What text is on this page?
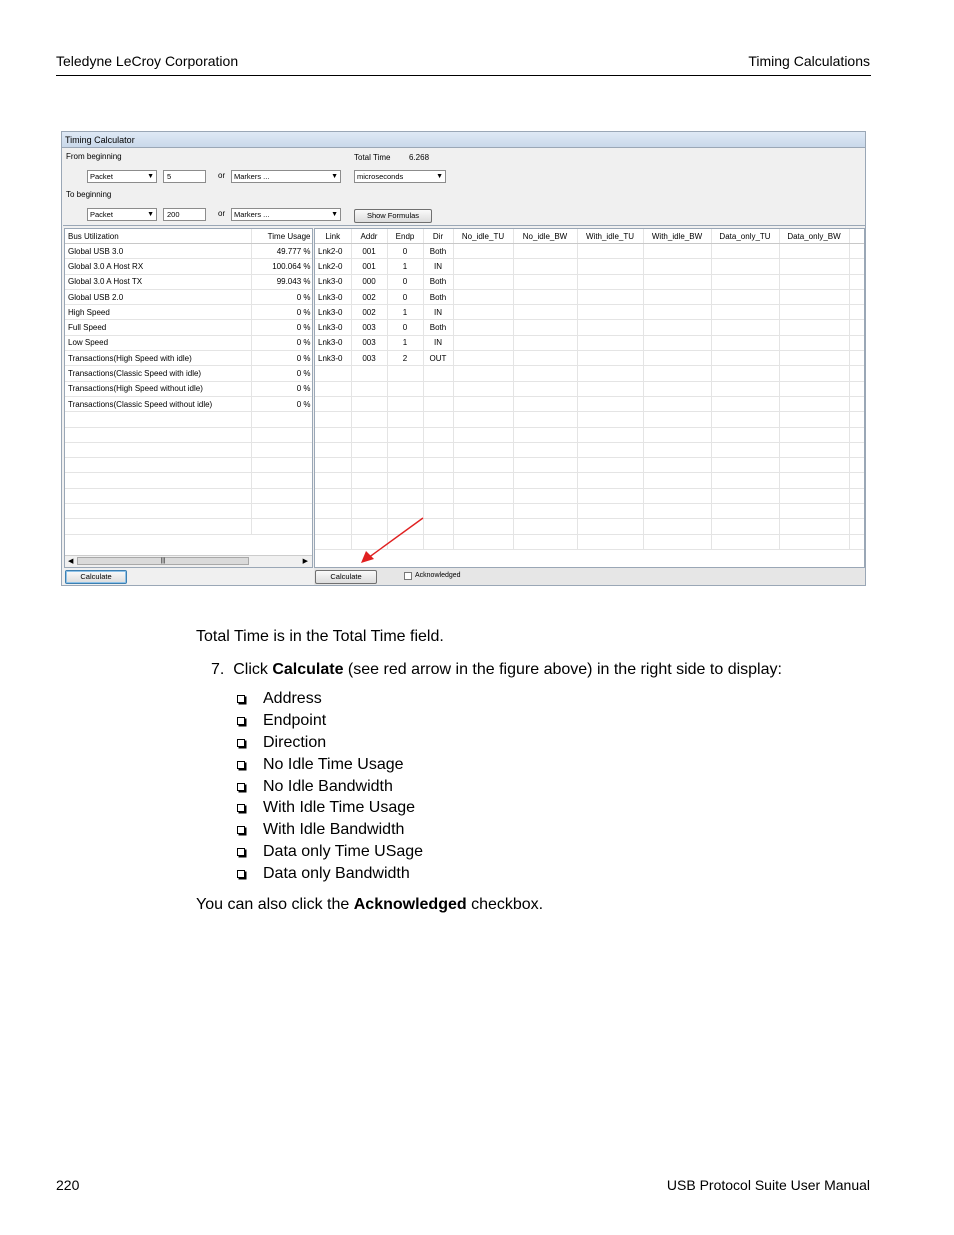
Teledyne LeCroy Corporation	Timing Calculations
Timing Calculator
From beginning
Packet	▼	5	or	Markers ...	▼
Total Time 6.268
microseconds	▼
To beginning
Packet	▼	200	or	Markers ...	▼	Show Formulas
Bus Utilization	Time Usage
Global USB 3.0	49.777 %
Global 3.0 A Host RX	100.064 %
Global 3.0 A Host TX	99.043 %
Global USB 2.0	0 %
High Speed	0 %
Full Speed	0 %
Low Speed	0 %
Transactions(High Speed with idle)	0 %
Transactions(Classic Speed with idle)	0 %
Transactions(High Speed without idle)	0 %
Transactions(Classic Speed without idle)	0 %

◀	|||	▶
Calculate
Link	Addr	Endp	Dir	No_idle_TU	No_idle_BW	With_idle_TU	With_idle_BW	Data_only_TU	Data_only_BW	
Lnk2-0	001	0	Both							
Lnk2-0	001	1	IN							
Lnk3-0	000	0	Both							
Lnk3-0	002	0	Both							
Lnk3-0	002	1	IN							
Lnk3-0	003	0	Both							
Lnk3-0	003	1	IN							
Lnk3-0	003	2	OUT							

Calculate	Acknowledged
Total Time is in the Total Time field.
7. Click Calculate (see red arrow in the figure above) in the right side to display:
Address
Endpoint
Direction
No Idle Time Usage
No Idle Bandwidth
With Idle Time Usage
With Idle Bandwidth
Data only Time USage
Data only Bandwidth
You can also click the Acknowledged checkbox.
220	USB Protocol Suite User Manual
